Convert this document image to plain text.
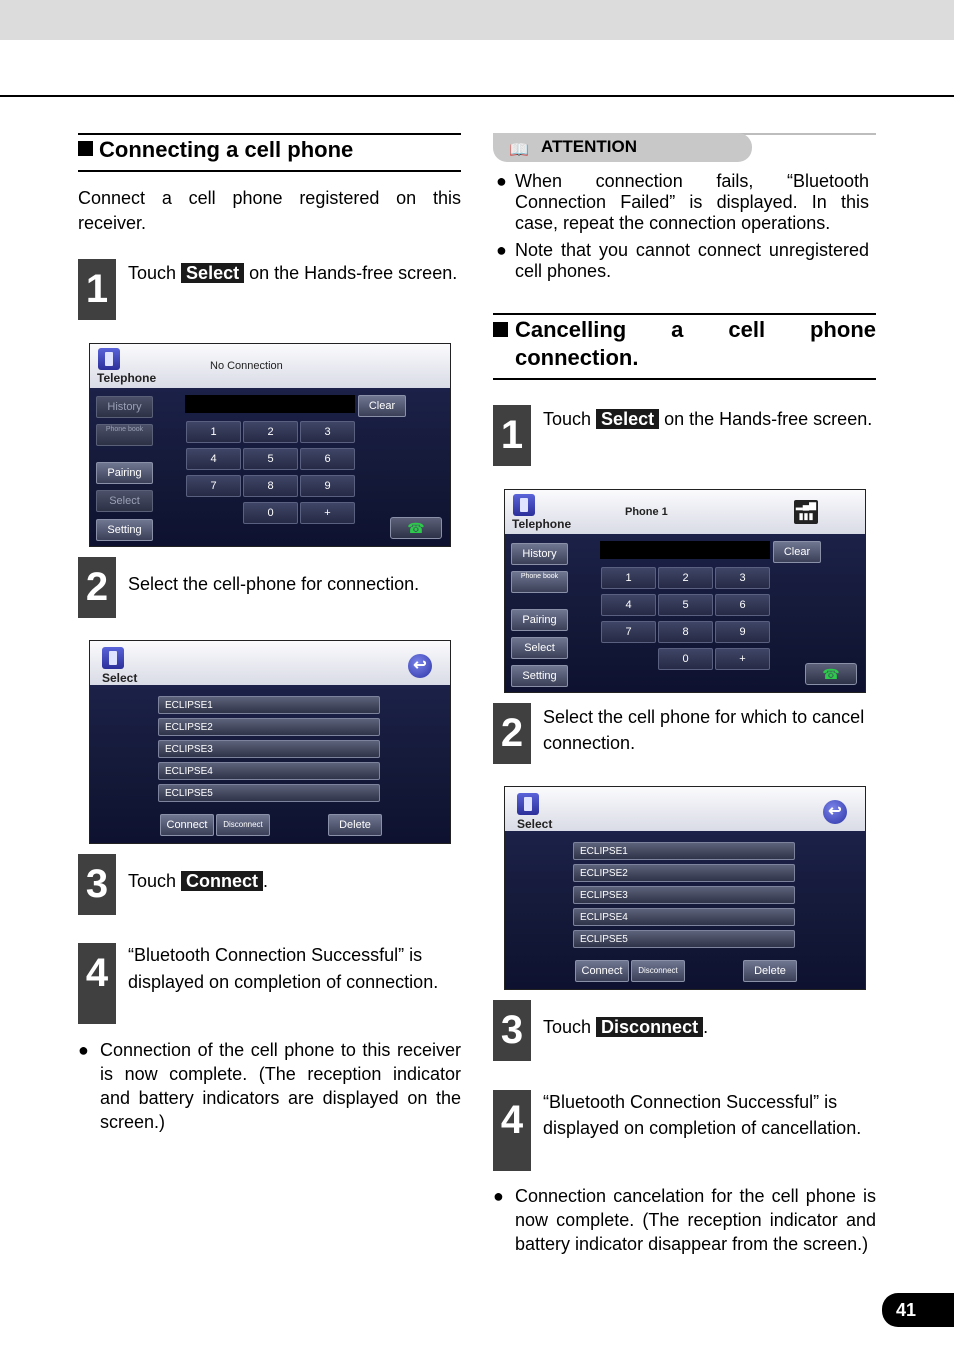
Connecting a cell phone
Connect a cell phone registered on this receiver.
1	Touch Select on the Hands-free screen.
Telephone
No Connection
History
Phone book
Pairing
Select
Setting
Clear
1	2	3
4	5	6
7	8	9
0	+
☎
2	Select the cell-phone for connection.
Select
↩
ECLIPSE1
ECLIPSE2
ECLIPSE3
ECLIPSE4
ECLIPSE5
Connect	Disconnect	Delete
3	Touch Connect .
4	“Bluetooth Connection Successful” is displayed on completion of connection.
● Connection of the cell phone to this receiver is now complete. (The reception indicator and battery indicators are displayed on the screen.)
📖 ATTENTION
● When connection fails, “Bluetooth Connection Failed” is displayed. In this case, repeat the connection operations.
● Note that you cannot connect unregistered cell phones.
Cancelling a cell phone
connection.
1	Touch Select on the Hands-free screen.
Telephone
Phone 1
▂▄▆
▮▮▮
History
Phone book
Pairing
Select
Setting
Clear
1	2	3
4	5	6
7	8	9
0	+
☎
2	Select the cell phone for which to cancel connection.
Select
↩
ECLIPSE1
ECLIPSE2
ECLIPSE3
ECLIPSE4
ECLIPSE5
Connect	Disconnect	Delete
3	Touch Disconnect .
4	“Bluetooth Connection Successful” is displayed on completion of cancellation.
● Connection cancelation for the cell phone is now complete. (The reception indicator and battery indicator disappear from the screen.)
41
